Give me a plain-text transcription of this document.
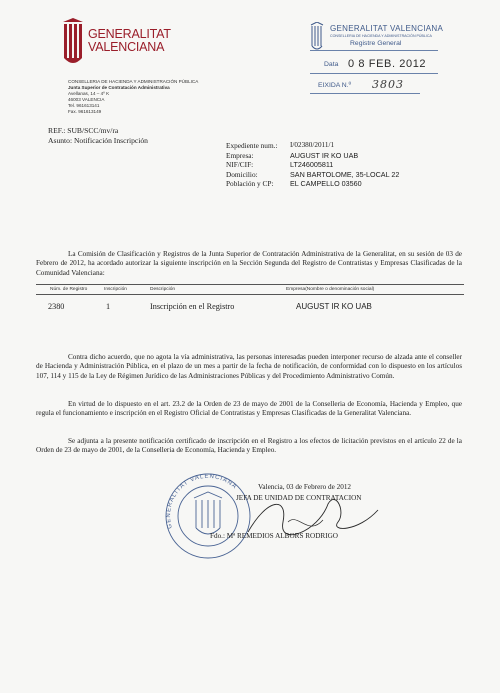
GENERALITAT
VALENCIANA
CONSELLERIA DE HACIENDA Y ADMINISTRACIÓN PÚBLICA
Junta Superior de Contratación Administrativa
Avellanas, 14 – 4º K
46003 VALENCIA
Tel. 961613141
Fax. 961613149
GENERALITAT VALENCIANA
CONSELLERIA DE HACIENDA Y ADMINISTRACIÓN PÚBLICA
Registre General
Data 0 8 FEB. 2012
EIXIDA N.º 3803
REF.: SUB/SCC/mv/ra
Asunto: Notificación Inscripción
Expediente num.:	I/02380/2011/1
Empresa:	AUGUST IR KO UAB
NIF/CIF:	LT246005811
Domicilio:	SAN BARTOLOME, 35-LOCAL 22
Población y CP:	EL CAMPELLO 03560

La Comisión de Clasificación y Registros de la Junta Superior de Contratación Administrativa de la Generalitat, en su sesión de 03 de Febrero de 2012, ha acordado autorizar la siguiente inscripción en la Sección Segunda del Registro de Contratistas y Empresas Clasificadas de la Comunidad Valenciana:

Núm. de Registro	Inscripción	Descripción	Empresa(Nombre o denominación social)
2380	1	Inscripción en el Registro	AUGUST IR KO UAB

Contra dicho acuerdo, que no agota la vía administrativa, las personas interesadas pueden interponer recurso de alzada ante el conseller de Hacienda y Administración Pública, en el plazo de un mes a partir de la fecha de notificación, de conformidad con lo dispuesto en los artículos 107, 114 y 115 de la Ley de Régimen Jurídico de las Administraciones Públicas y del Procedimiento Administrativo Común.

En virtud de lo dispuesto en el art. 23.2 de la Orden de 23 de mayo de 2001 de la Conselleria de Economía, Hacienda y Empleo, que regula el funcionamiento e inscripción en el Registro Oficial de Contratistas y Empresas Clasificadas de la Generalitat Valenciana.

Se adjunta a la presente notificación certificado de inscripción en el Registro a los efectos de licitación previstos en el artículo 22 de la Orden de 23 de mayo de 2001, de la Conselleria de Economía, Hacienda y Empleo.

GENERALITAT VALENCIANA	Valencia, 03 de Febrero de 2012
JEFA DE UNIDAD DE CONTRATACION
Fdo.: Mª REMEDIOS ALBORS RODRIGO
